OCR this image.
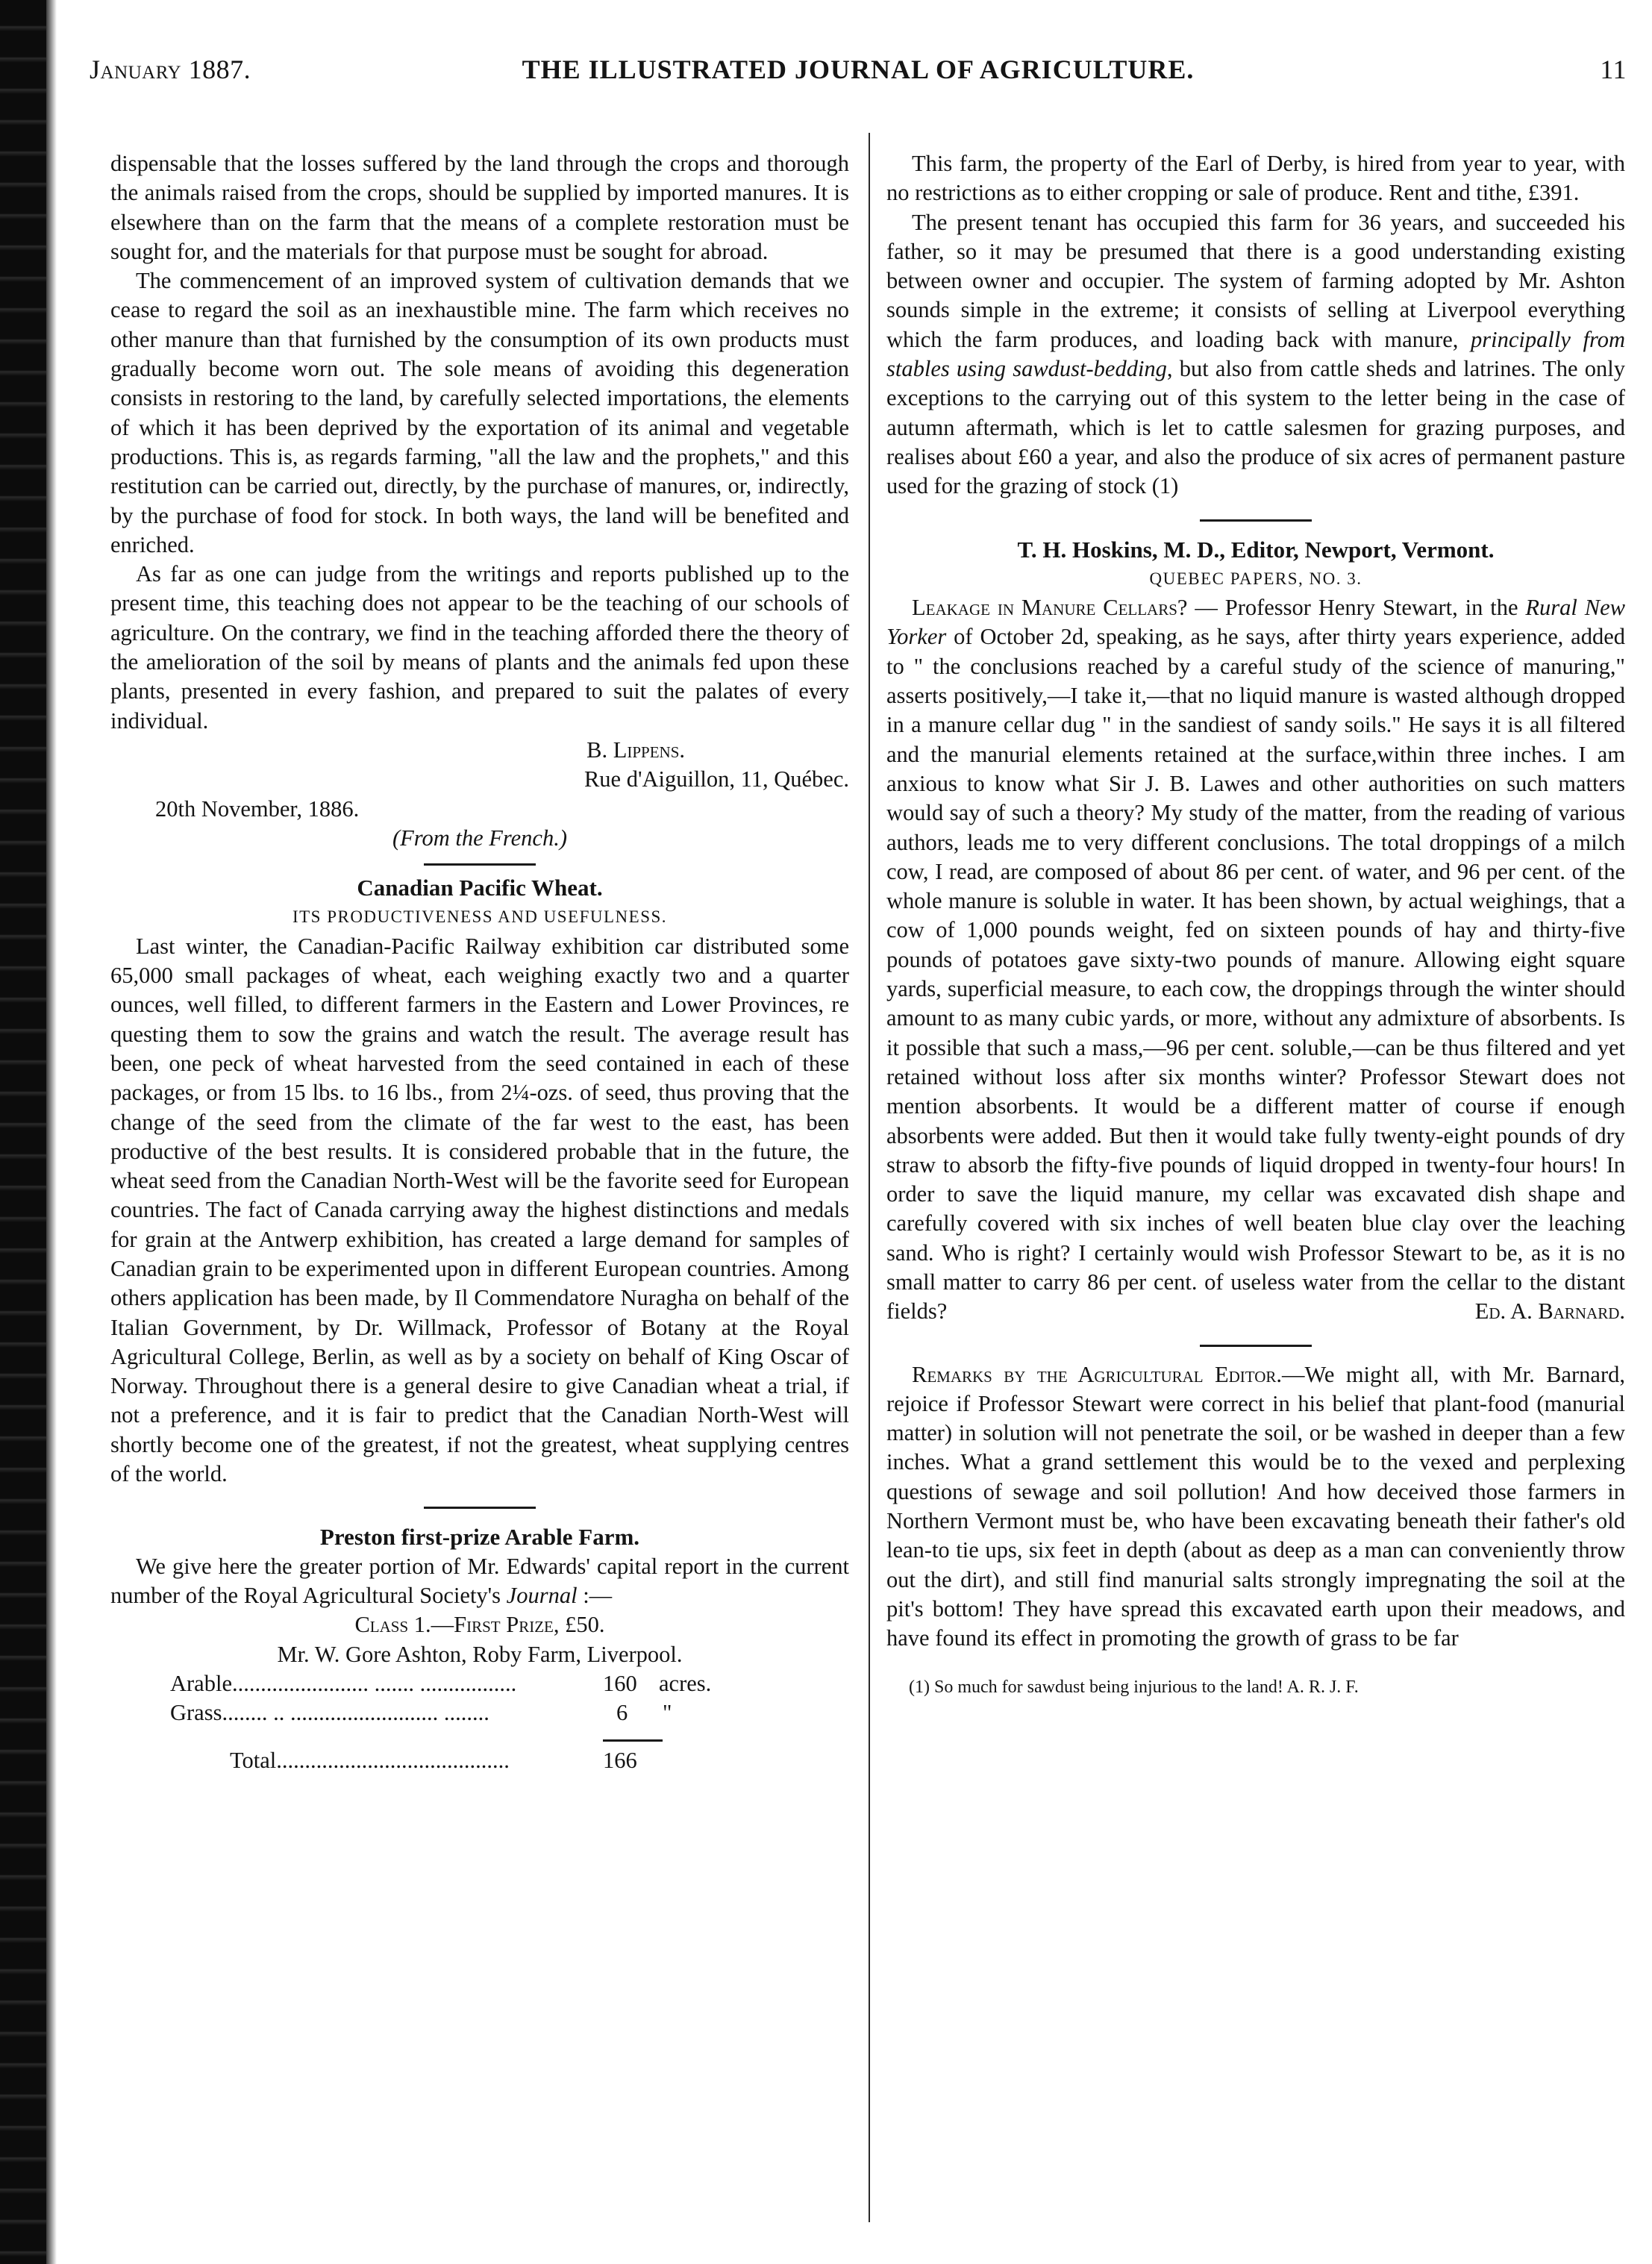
January 1887.	THE ILLUSTRATED JOURNAL OF AGRICULTURE.	11

dispensable that the losses suffered by the land through the crops and thorough the animals raised from the crops, should be supplied by imported manures. It is elsewhere than on the farm that the means of a complete restoration must be sought for, and the materials for that purpose must be sought for abroad.

The commencement of an improved system of cultivation demands that we cease to regard the soil as an inexhaustible mine. The farm which receives no other manure than that furnished by the consumption of its own products must gradually become worn out. The sole means of avoiding this degeneration consists in restoring to the land, by carefully selected importations, the elements of which it has been deprived by the exportation of its animal and vegetable productions. This is, as regards farming, "all the law and the prophets," and this restitution can be carried out, directly, by the purchase of manures, or, indirectly, by the purchase of food for stock. In both ways, the land will be benefited and enriched.

As far as one can judge from the writings and reports published up to the present time, this teaching does not appear to be the teaching of our schools of agriculture. On the contrary, we find in the teaching afforded there the theory of the amelioration of the soil by means of plants and the animals fed upon these plants, presented in every fashion, and prepared to suit the palates of every individual.

B. Lippens.

Rue d'Aiguillon, 11, Québec.

20th November, 1886.

(From the French.)

Canadian Pacific Wheat.
ITS PRODUCTIVENESS AND USEFULNESS.

Last winter, the Canadian-Pacific Railway exhibition car distributed some 65,000 small packages of wheat, each weighing exactly two and a quarter ounces, well filled, to different farmers in the Eastern and Lower Provinces, re questing them to sow the grains and watch the result. The average result has been, one peck of wheat harvested from the seed contained in each of these packages, or from 15 lbs. to 16 lbs., from 2¼-ozs. of seed, thus proving that the change of the seed from the climate of the far west to the east, has been productive of the best results. It is considered probable that in the future, the wheat seed from the Canadian North-West will be the favorite seed for European countries. The fact of Canada carrying away the highest distinctions and medals for grain at the Antwerp exhibition, has created a large demand for samples of Canadian grain to be experimented upon in different European countries. Among others application has been made, by Il Commendatore Nuragha on behalf of the Italian Government, by Dr. Willmack, Professor of Botany at the Royal Agricultural College, Berlin, as well as by a society on behalf of King Oscar of Norway. Throughout there is a general desire to give Canadian wheat a trial, if not a preference, and it is fair to predict that the Canadian North-West will shortly become one of the greatest, if not the greatest, wheat supplying centres of the world.

Preston first-prize Arable Farm.

We give here the greater portion of Mr. Edwards' capital report in the current number of the Royal Agricultural Society's Journal :—

Class 1.—First Prize, £50.

Mr. W. Gore Ashton, Roby Farm, Liverpool.

Arable........................ ....... .................	160 acres.
Grass........ .. .......................... ........	6 "
Total.........................................	166

This farm, the property of the Earl of Derby, is hired from year to year, with no restrictions as to either cropping or sale of produce. Rent and tithe, £391.

The present tenant has occupied this farm for 36 years, and succeeded his father, so it may be presumed that there is a good understanding existing between owner and occupier. The system of farming adopted by Mr. Ashton sounds simple in the extreme; it consists of selling at Liverpool everything which the farm produces, and loading back with manure, principally from stables using sawdust-bedding, but also from cattle sheds and latrines. The only exceptions to the carrying out of this system to the letter being in the case of autumn aftermath, which is let to cattle salesmen for grazing purposes, and realises about £60 a year, and also the produce of six acres of permanent pasture used for the grazing of stock (1)

T. H. Hoskins, M. D., Editor, Newport, Vermont.
QUEBEC PAPERS, NO. 3.

Leakage in Manure Cellars? — Professor Henry Stewart, in the Rural New Yorker of October 2d, speaking, as he says, after thirty years experience, added to " the conclusions reached by a careful study of the science of manuring," asserts positively,—I take it,—that no liquid manure is wasted although dropped in a manure cellar dug " in the sandiest of sandy soils." He says it is all filtered and the manurial elements retained at the surface,within three inches. I am anxious to know what Sir J. B. Lawes and other authorities on such matters would say of such a theory? My study of the matter, from the reading of various authors, leads me to very different conclusions. The total droppings of a milch cow, I read, are composed of about 86 per cent. of water, and 96 per cent. of the whole manure is soluble in water. It has been shown, by actual weighings, that a cow of 1,000 pounds weight, fed on sixteen pounds of hay and thirty-five pounds of potatoes gave sixty-two pounds of manure. Allowing eight square yards, superficial measure, to each cow, the droppings through the winter should amount to as many cubic yards, or more, without any admixture of absorbents. Is it possible that such a mass,—96 per cent. soluble,—can be thus filtered and yet retained without loss after six months winter? Professor Stewart does not mention absorbents. It would be a different matter of course if enough absorbents were added. But then it would take fully twenty-eight pounds of dry straw to absorb the fifty-five pounds of liquid dropped in twenty-four hours! In order to save the liquid manure, my cellar was excavated dish shape and carefully covered with six inches of well beaten blue clay over the leaching sand. Who is right? I certainly would wish Professor Stewart to be, as it is no small matter to carry 86 per cent. of useless water from the cellar to the distant fields?	Ed. A. Barnard.

Remarks by the Agricultural Editor.—We might all, with Mr. Barnard, rejoice if Professor Stewart were correct in his belief that plant-food (manurial matter) in solution will not penetrate the soil, or be washed in deeper than a few inches. What a grand settlement this would be to the vexed and perplexing questions of sewage and soil pollution! And how deceived those farmers in Northern Vermont must be, who have been excavating beneath their father's old lean-to tie ups, six feet in depth (about as deep as a man can conveniently throw out the dirt), and still find manurial salts strongly impregnating the soil at the pit's bottom! They have spread this excavated earth upon their meadows, and have found its effect in promoting the growth of grass to be far

(1) So much for sawdust being injurious to the land! A. R. J. F.
